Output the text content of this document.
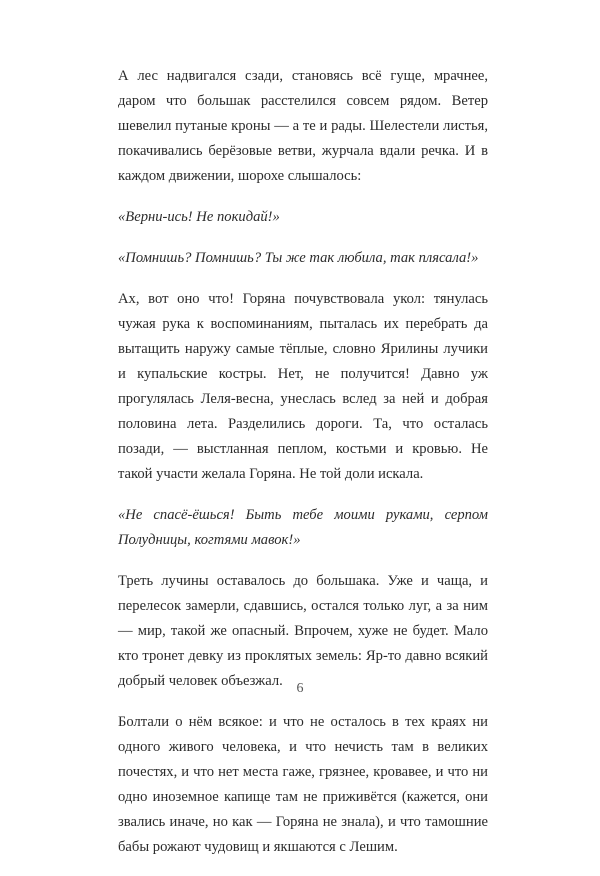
А лес надвигался сзади, становясь всё гуще, мрачнее, даром что большак расстелился совсем рядом. Ветер шевелил путаные кроны — а те и рады. Шелестели листья, покачивались берёзовые ветви, журчала вдали речка. И в каждом движении, шорохе слышалось:

«Верни-ись! Не покидай!»

«Помнишь? Помнишь? Ты же так любила, так плясала!»

Ах, вот оно что! Горяна почувствовала укол: тянулась чужая рука к воспоминаниям, пыталась их перебрать да вытащить наружу самые тёплые, словно Ярилины лучики и купальские костры. Нет, не получится! Давно уж прогулялась Леля-весна, унеслась вслед за ней и добрая половина лета. Разделились дороги. Та, что осталась позади, — выстланная пеплом, костьми и кровью. Не такой участи желала Горяна. Не той доли искала.

«Не спасё-ёшься! Быть тебе моими руками, серпом Полудницы, когтями мавок!»

Треть лучины оставалось до большака. Уже и чаща, и перелесок замерли, сдавшись, остался только луг, а за ним — мир, такой же опасный. Впрочем, хуже не будет. Мало кто тронет девку из проклятых земель: Яр-то давно всякий добрый человек объезжал.

Болтали о нём всякое: и что не осталось в тех краях ни одного живого человека, и что нечисть там в великих почестях, и что нет места гаже, грязнее, кровавее, и что ни одно иноземное капище там не приживётся (кажется, они звались иначе, но как — Горяна не знала), и что тамошние бабы рожают чудовищ и якшаются с Лешим.

6
